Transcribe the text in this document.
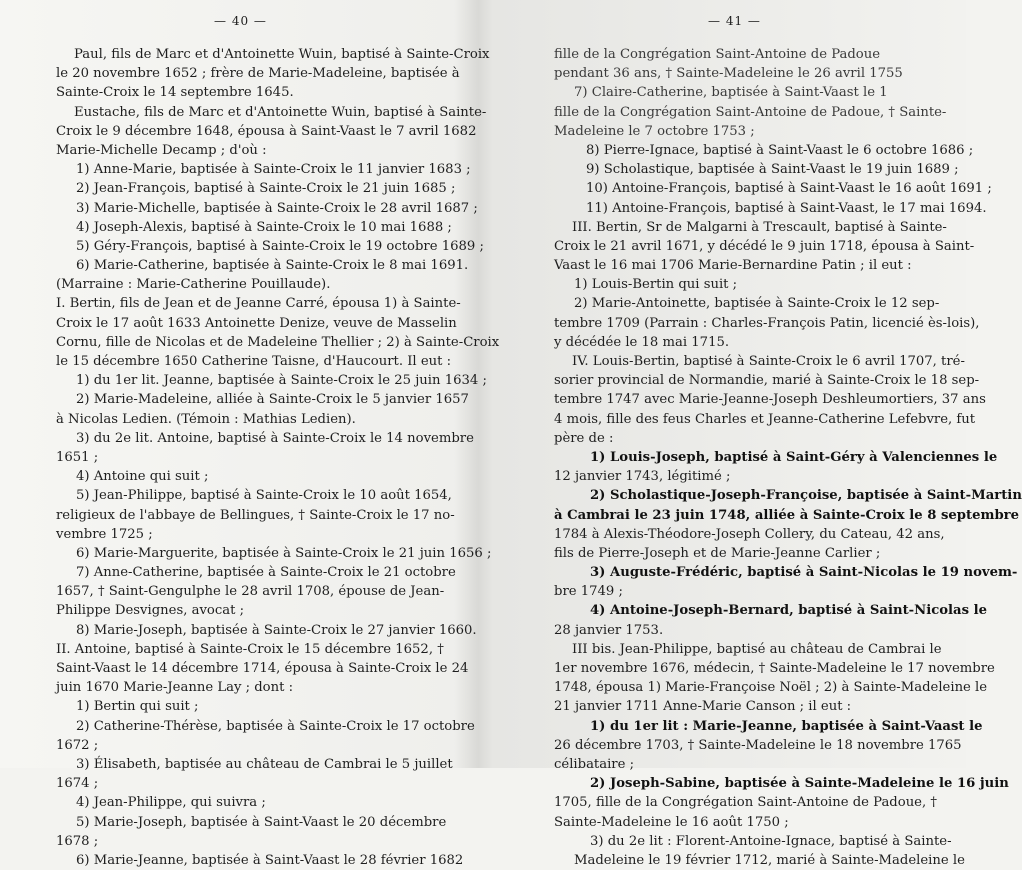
— 40 —
Paul, fils de Marc et d'Antoinette Wuin, baptisé à Sainte-Croix
le 20 novembre 1652 ; frère de Marie-Madeleine, baptisée à
Sainte-Croix le 14 septembre 1645.
Eustache, fils de Marc et d'Antoinette Wuin, baptisé à Sainte-
Croix le 9 décembre 1648, épousa à Saint-Vaast le 7 avril 1682
Marie-Michelle Decamp ; d'où :
1) Anne-Marie, baptisée à Sainte-Croix le 11 janvier 1683 ;
2) Jean-François, baptisé à Sainte-Croix le 21 juin 1685 ;
3) Marie-Michelle, baptisée à Sainte-Croix le 28 avril 1687 ;
4) Joseph-Alexis, baptisé à Sainte-Croix le 10 mai 1688 ;
5) Géry-François, baptisé à Sainte-Croix le 19 octobre 1689 ;
6) Marie-Catherine, baptisée à Sainte-Croix le 8 mai 1691.
(Marraine : Marie-Catherine Pouillaude).
I. Bertin, fils de Jean et de Jeanne Carré, épousa 1) à Sainte-
Croix le 17 août 1633 Antoinette Denize, veuve de Masselin
Cornu, fille de Nicolas et de Madeleine Thellier ; 2) à Sainte-Croix
le 15 décembre 1650 Catherine Taisne, d'Haucourt. Il eut :
1) du 1er lit. Jeanne, baptisée à Sainte-Croix le 25 juin 1634 ;
2) Marie-Madeleine, alliée à Sainte-Croix le 5 janvier 1657
à Nicolas Ledien. (Témoin : Mathias Ledien).
3) du 2e lit. Antoine, baptisé à Sainte-Croix le 14 novembre
1651 ;
4) Antoine qui suit ;
5) Jean-Philippe, baptisé à Sainte-Croix le 10 août 1654,
religieux de l'abbaye de Bellingues, † Sainte-Croix le 17 no-
vembre 1725 ;
6) Marie-Marguerite, baptisée à Sainte-Croix le 21 juin 1656 ;
7) Anne-Catherine, baptisée à Sainte-Croix le 21 octobre
1657, † Saint-Gengulphe le 28 avril 1708, épouse de Jean-
Philippe Desvignes, avocat ;
8) Marie-Joseph, baptisée à Sainte-Croix le 27 janvier 1660.
II. Antoine, baptisé à Sainte-Croix le 15 décembre 1652, †
Saint-Vaast le 14 décembre 1714, épousa à Sainte-Croix le 24
juin 1670 Marie-Jeanne Lay ; dont :
1) Bertin qui suit ;
2) Catherine-Thérèse, baptisée à Sainte-Croix le 17 octobre
1672 ;
3) Élisabeth, baptisée au château de Cambrai le 5 juillet
1674 ;
4) Jean-Philippe, qui suivra ;
5) Marie-Joseph, baptisée à Saint-Vaast le 20 décembre
1678 ;
6) Marie-Jeanne, baptisée à Saint-Vaast le 28 février 1682
— 41 —
fille de la Congrégation Saint-Antoine de Padoue
pendant 36 ans, † Sainte-Madeleine le 26 avril 1755
7) Claire-Catherine, baptisée à Saint-Vaast le 1
fille de la Congrégation Saint-Antoine de Padoue, † Sainte-
Madeleine le 7 octobre 1753 ;
8) Pierre-Ignace, baptisé à Saint-Vaast le 6 octobre 1686 ;
9) Scholastique, baptisée à Saint-Vaast le 19 juin 1689 ;
10) Antoine-François, baptisé à Saint-Vaast le 16 août 1691 ;
11) Antoine-François, baptisé à Saint-Vaast, le 17 mai 1694.
III. Bertin, Sr de Malgarni à Trescault, baptisé à Sainte-
Croix le 21 avril 1671, y décédé le 9 juin 1718, épousa à Saint-
Vaast le 16 mai 1706 Marie-Bernardine Patin ; il eut :
1) Louis-Bertin qui suit ;
2) Marie-Antoinette, baptisée à Sainte-Croix le 12 sep-
tembre 1709 (Parrain : Charles-François Patin, licencié ès-lois),
y décédée le 18 mai 1715.
IV. Louis-Bertin, baptisé à Sainte-Croix le 6 avril 1707, tré-
sorier provincial de Normandie, marié à Sainte-Croix le 18 sep-
tembre 1747 avec Marie-Jeanne-Joseph Deshleumortiers, 37 ans
4 mois, fille des feus Charles et Jeanne-Catherine Lefebvre, fut
père de :
1) Louis-Joseph, baptisé à Saint-Géry à Valenciennes le
12 janvier 1743, légitimé ;
2) Scholastique-Joseph-Françoise, baptisée à Saint-Martin
à Cambrai le 23 juin 1748, alliée à Sainte-Croix le 8 septembre
1784 à Alexis-Théodore-Joseph Collery, du Cateau, 42 ans,
fils de Pierre-Joseph et de Marie-Jeanne Carlier ;
3) Auguste-Frédéric, baptisé à Saint-Nicolas le 19 novem-
bre 1749 ;
4) Antoine-Joseph-Bernard, baptisé à Saint-Nicolas le
28 janvier 1753.
III bis. Jean-Philippe, baptisé au château de Cambrai le
1er novembre 1676, médecin, † Sainte-Madeleine le 17 novembre
1748, épousa 1) Marie-Françoise Noël ; 2) à Sainte-Madeleine le
21 janvier 1711 Anne-Marie Canson ; il eut :
1) du 1er lit : Marie-Jeanne, baptisée à Saint-Vaast le
26 décembre 1703, † Sainte-Madeleine le 18 novembre 1765
célibataire ;
2) Joseph-Sabine, baptisée à Sainte-Madeleine le 16 juin
1705, fille de la Congrégation Saint-Antoine de Padoue, †
Sainte-Madeleine le 16 août 1750 ;
3) du 2e lit : Florent-Antoine-Ignace, baptisé à Sainte-
Madeleine le 19 février 1712, marié à Sainte-Madeleine le
